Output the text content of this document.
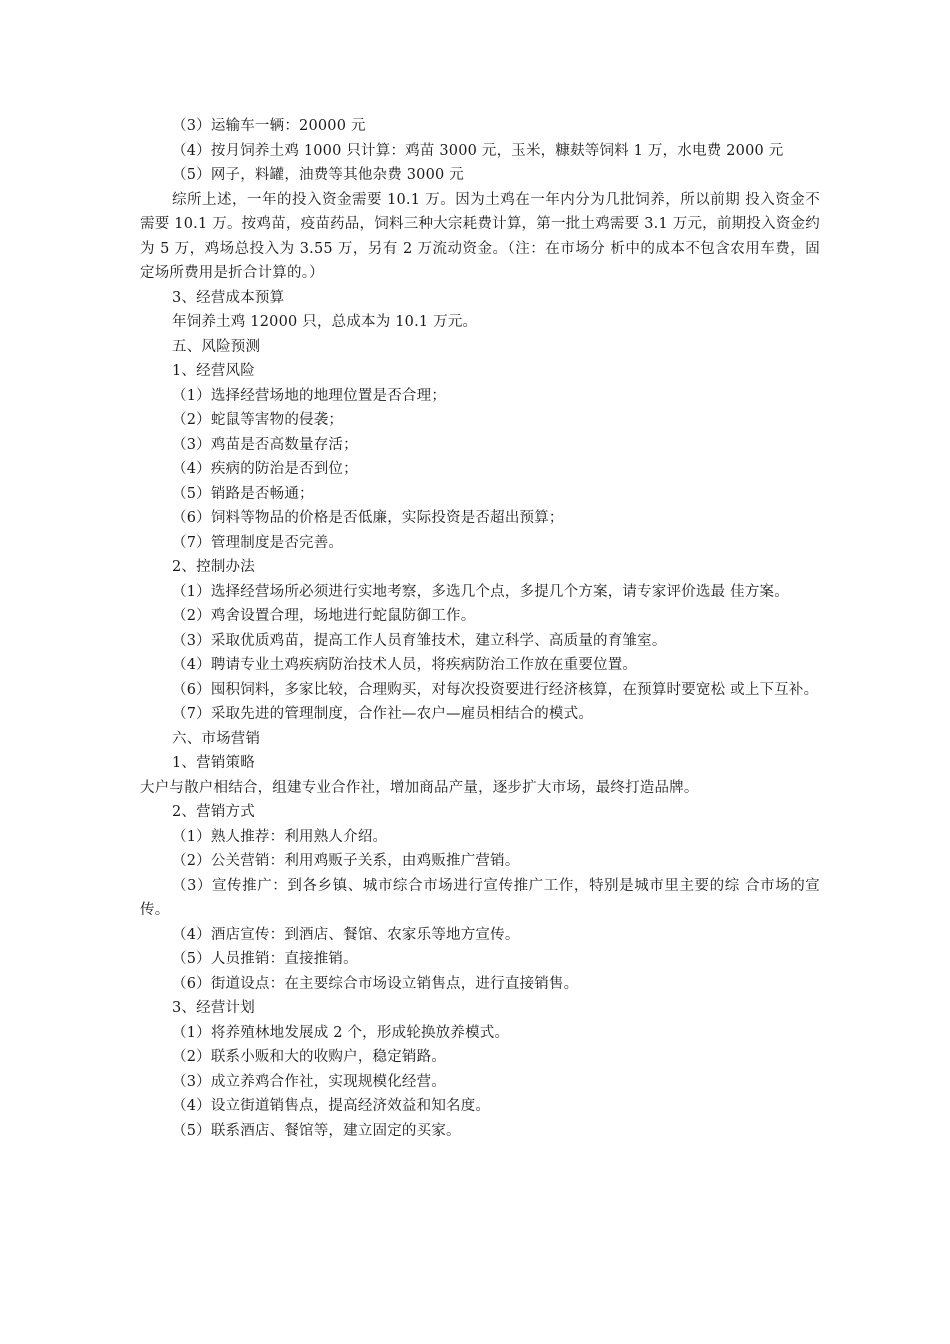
（3）运输车一辆：20000 元
（4）按月饲养土鸡 1000 只计算：鸡苗 3000 元，玉米，糠麸等饲料 1 万，水电费 2000 元
（5）网子，料罐，油费等其他杂费 3000 元
综所上述，一年的投入资金需要 10.1 万。因为土鸡在一年内分为几批饲养，所以前期 投入资金不需要 10.1 万。按鸡苗，疫苗药品，饲料三种大宗耗费计算，第一批土鸡需要 3.1 万元，前期投入资金约为 5 万，鸡场总投入为 3.55 万，另有 2 万流动资金。（注：在市场分 析中的成本不包含农用车费，固定场所费用是折合计算的。）
3、经营成本预算
年饲养土鸡 12000 只，总成本为 10.1 万元。
五、风险预测
1、经营风险
（1）选择经营场地的地理位置是否合理；
（2）蛇鼠等害物的侵袭；
（3）鸡苗是否高数量存活；
（4）疾病的防治是否到位；
（5）销路是否畅通；
（6）饲料等物品的价格是否低廉，实际投资是否超出预算；
（7）管理制度是否完善。
2、控制办法
（1）选择经营场所必须进行实地考察，多选几个点，多提几个方案，请专家评价选最 佳方案。
（2）鸡舍设置合理，场地进行蛇鼠防御工作。
（3）采取优质鸡苗，提高工作人员育雏技术，建立科学、高质量的育雏室。
（4）聘请专业土鸡疾病防治技术人员，将疾病防治工作放在重要位置。
（6）囤积饲料，多家比较，合理购买，对每次投资要进行经济核算，在预算时要宽松 或上下互补。
（7）采取先进的管理制度，合作社—农户—雇员相结合的模式。
六、市场营销
1、营销策略
大户与散户相结合，组建专业合作社，增加商品产量，逐步扩大市场，最终打造品牌。
2、营销方式
（1）熟人推荐：利用熟人介绍。
（2）公关营销：利用鸡贩子关系，由鸡贩推广营销。
（3）宣传推广：到各乡镇、城市综合市场进行宣传推广工作，特别是城市里主要的综 合市场的宣传。
（4）酒店宣传：到酒店、餐馆、农家乐等地方宣传。
（5）人员推销：直接推销。
（6）街道设点：在主要综合市场设立销售点，进行直接销售。
3、经营计划
（1）将养殖林地发展成 2 个，形成轮换放养模式。
（2）联系小贩和大的收购户，稳定销路。
（3）成立养鸡合作社，实现规模化经营。
（4）设立街道销售点，提高经济效益和知名度。
（5）联系酒店、餐馆等，建立固定的买家。
